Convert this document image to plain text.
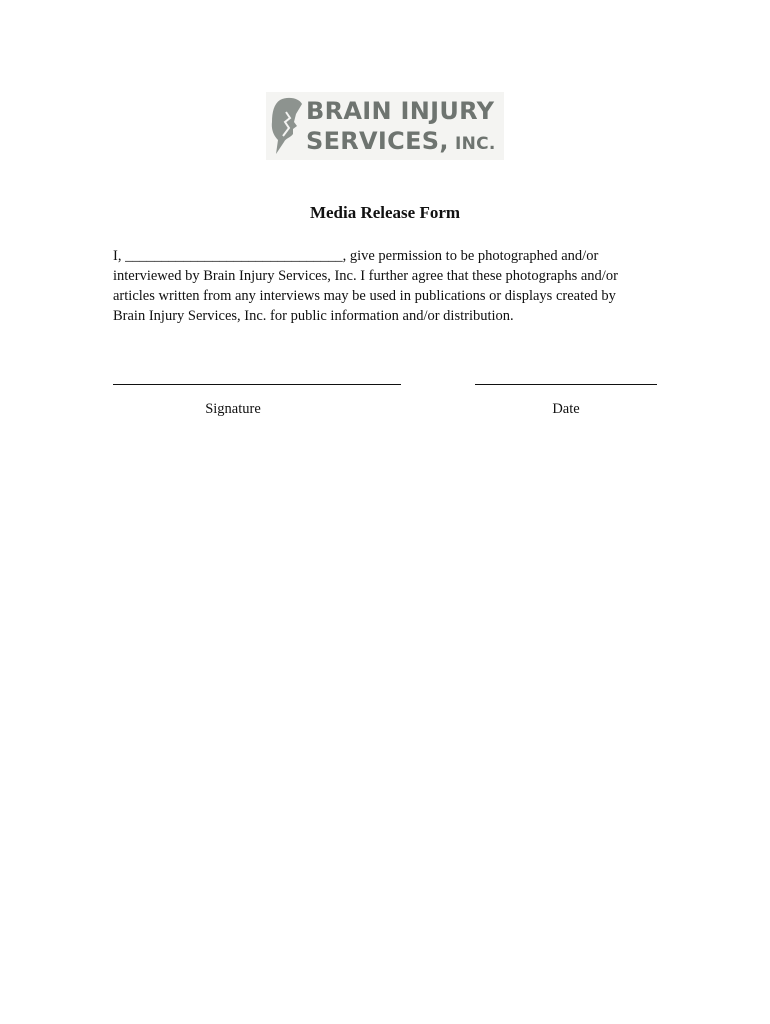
BRAIN INJURY
SERVICES, INC.
Media Release Form

I, ______________________________, give permission to be photographed and/or
interviewed by Brain Injury Services, Inc. I further agree that these photographs and/or
articles written from any interviews may be used in publications or displays created by
Brain Injury Services, Inc. for public information and/or distribution.

Signature	Date
